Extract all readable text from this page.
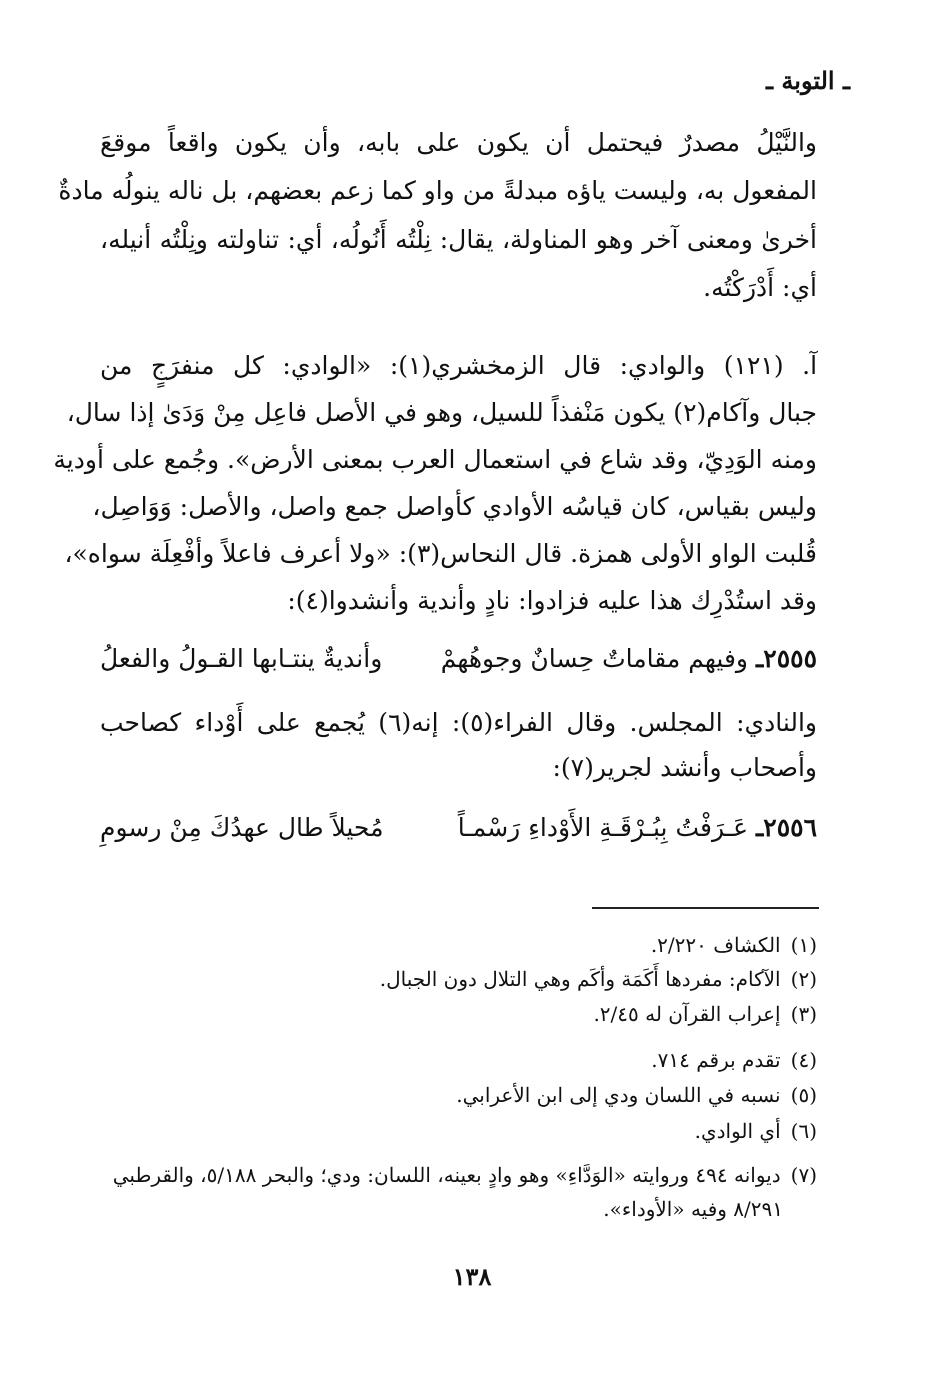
ـ التوبة ـ
والنَّيْلُ مصدرٌ فيحتمل أن يكون على بابه، وأن يكون واقعاً موقعَ
المفعول به، وليست ياؤه مبدلةً من واو كما زعم بعضهم، بل ناله ينولُه مادةٌ
أخرىٰ ومعنى آخر وهو المناولة، يقال: نِلْتُه أَنُولُه، أي: تناولته ونِلْتُه أنيله،
أي: أَدْرَكْتُه.
آ. (١٢١) والوادي: قال الزمخشري(١): «الوادي: كل منفرَجٍ من
جبال وآكام(٢) يكون مَنْفذاً للسيل، وهو في الأصل فاعِل مِنْ وَدَىٰ إذا سال،
ومنه الوَدِيّ، وقد شاع في استعمال العرب بمعنى الأرض». وجُمع على أودية
وليس بقياس، كان قياسُه الأوادي كأواصل جمع واصل، والأصل: وَوَاصِل،
قُلبت الواو الأولى همزة. قال النحاس(٣): «ولا أعرف فاعلاً وأفْعِلَة سواه»،
وقد استُدْرِك هذا عليه فزادوا: نادٍ وأندية وأنشدوا(٤):
٢٥٥٥ـ وفيهم مقاماتٌ حِسانٌ وجوهُهمْ
وأنديةٌ ينتـابها القـولُ والفعلُ
والنادي: المجلس. وقال الفراء(٥): إنه(٦) يُجمع على أَوْداء كصاحب
وأصحاب وأنشد لجرير(٧):
٢٥٥٦ـ عَـرَفْتُ بِبُـرْقَـةِ الأَوْداءِ رَسْمـاً
مُحيلاً طال عهدُكَ مِنْ رسومِ
(١)الكشاف ٢/٢٢٠.
(٢)الآكام: مفردها أَكَمَة وأكَم وهي التلال دون الجبال.
(٣)إعراب القرآن له ٢/٤٥.
(٤)تقدم برقم ٧١٤.
(٥)نسبه في اللسان ودي إلى ابن الأعرابي.
(٦)أي الوادي.
(٧)ديوانه ٤٩٤ وروايته «الوَدَّاءِ» وهو وادٍ بعينه، اللسان: ودي؛ والبحر ٥/١٨٨، والقرطبي
٨/٢٩١ وفيه «الأوداء».
١٣٨
